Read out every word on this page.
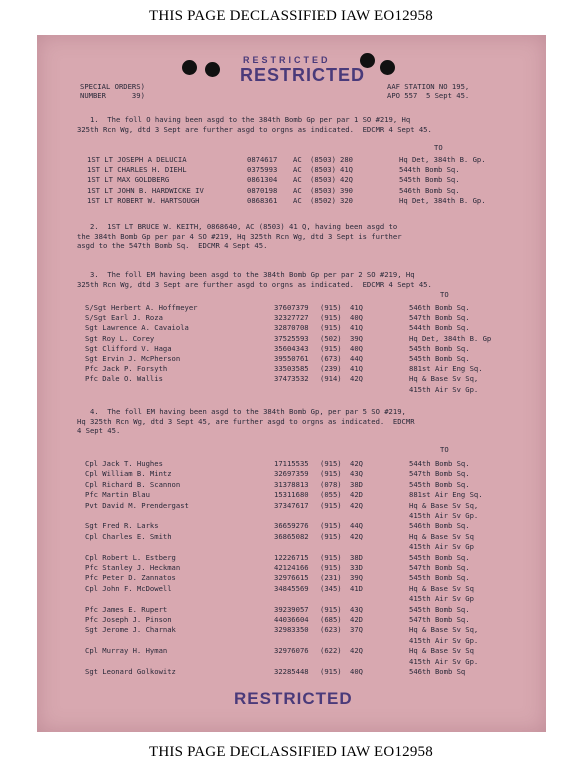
THIS PAGE DECLASSIFIED IAW EO12958
RESTRICTED
RESTRICTED
SPECIAL ORDERS)
NUMBER      39)
AAF STATION NO 195,
APO 557  5 Sept 45.
1.  The foll O having been asgd to the 384th Bomb Gp per par 1 SO #219, Hq
325th Rcn Wg, dtd 3 Sept are further asgd to orgns as indicated.  EDCMR 4 Sept 45.
TO
1ST LT JOSEPH A DELUCIA	0874617 AC (8503) 280	Hq Det, 384th B. Gp.
1ST LT CHARLES H. DIEHL	0375993 AC (8503) 41Q	544th Bomb Sq.
1ST LT MAX GOLDBERG	0861304 AC (8503) 42Q	545th Bomb Sq.
1ST LT JOHN B. HARDWICKE IV	0870198 AC (8503) 390	546th Bomb Sq.
1ST LT ROBERT W. HARTSOUGH	0868361 AC (8502) 320	Hq Det, 384th B. Gp.
2.  1ST LT BRUCE W. KEITH, 0868640, AC (8503) 41 Q, having been asgd to
the 384th Bomb Gp per par 4 SO #219, Hq 325th Rcn Wg, dtd 3 Sept is further
asgd to the 547th Bomb Sq.  EDCMR 4 Sept 45.
3.  The foll EM having been asgd to the 384th Bomb Gp per par 2 SO #219, Hq
325th Rcn Wg, dtd 3 Sept are further asgd to orgns as indicated.  EDCMR 4 Sept 45.
TO
S/Sgt Herbert A. Hoffmeyer	37607379 (915) 41Q	546th Bomb Sq.
S/Sgt Earl J. Roza	32327727 (915) 40Q	547th Bomb Sq.
Sgt Lawrence A. Cavaiola	32870708 (915) 41Q	544th Bomb Sq.
Sgt Roy L. Corey	37525593 (502) 39Q	Hq Det, 384th B. Gp
Sgt Clifford V. Haga	35604343 (915) 40Q	545th Bomb Sq.
Sgt Ervin J. McPherson	39550761 (673) 44Q	545th Bomb Sq.
Pfc Jack P. Forsyth	33503585 (239) 41Q	881st Air Eng Sq.
Pfc Dale O. Wallis	37473532 (914) 42Q	Hq & Base Sv Sq,
415th Air Sv Gp.
4.  The foll EM having been asgd to the 384th Bomb Gp, per par 5 SO #219,
Hq 325th Rcn Wg, dtd 3 Sept 45, are further asgd to orgns as indicated.  EDCMR
4 Sept 45.
TO
Cpl Jack T. Hughes	17115535 (915) 42Q	544th Bomb Sq.
Cpl William B. Mintz	32697359 (915) 43Q	547th Bomb Sq.
Cpl Richard B. Scannon	31378813 (078) 38D	545th Bomb Sq.
Pfc Martin Blau	15311680 (055) 42D	881st Air Eng Sq.
Pvt David M. Prendergast	37347617 (915) 42Q	Hq & Base Sv Sq,
415th Air Sv Gp.
Sgt Fred R. Larks	36659276 (915) 44Q	546th Bomb Sq.
Cpl Charles E. Smith	36865082 (915) 42Q	Hq & Base Sv Sq
415th Air Sv Gp
Cpl Robert L. Estberg	12226715 (915) 38D	545th Bomb Sq.
Pfc Stanley J. Heckman	42124166 (915) 33D	547th Bomb Sq.
Pfc Peter D. Zannatos	32976615 (231) 39Q	545th Bomb Sq.
Cpl John F. McDowell	34845569 (345) 41D	Hq & Base Sv Sq
415th Air Sv Gp
Pfc James E. Rupert	39239057 (915) 43Q	545th Bomb Sq.
Pfc Joseph J. Pinson	44036604 (685) 42D	547th Bomb Sq.
Sgt Jerome J. Charnak	32983350 (623) 37Q	Hq & Base Sv Sq,
415th Air Sv Gp.
Cpl Murray H. Hyman	32976076 (622) 42Q	Hq & Base Sv Sq
415th Air Sv Gp.
Sgt Leonard Golkowitz	32285448 (915) 40Q	546th Bomb Sq
RESTRICTED
THIS PAGE DECLASSIFIED IAW EO12958
